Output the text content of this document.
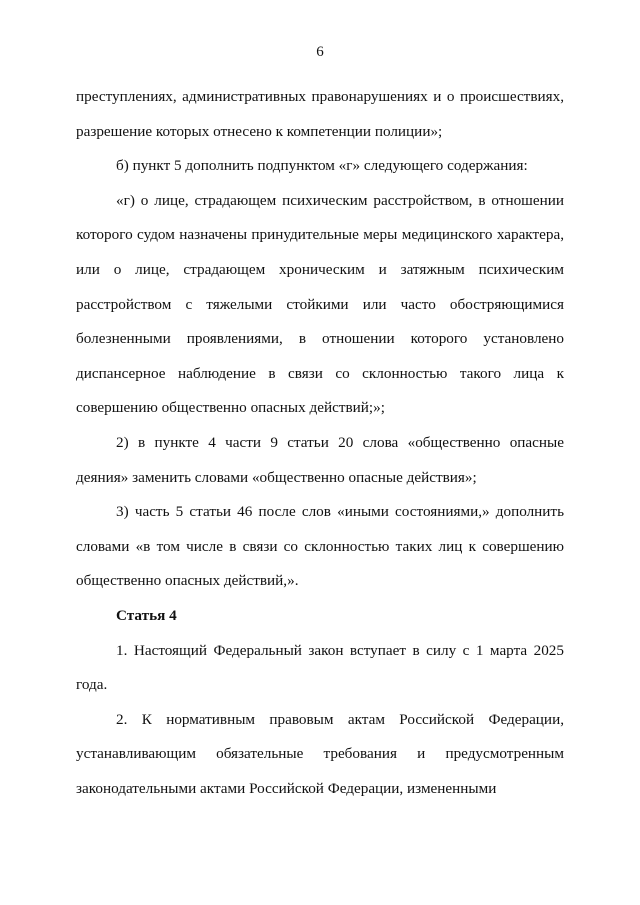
6

преступлениях, административных правонарушениях и о происшествиях, разрешение которых отнесено к компетенции полиции»;

б) пункт 5 дополнить подпунктом «г» следующего содержания:

«г) о лице, страдающем психическим расстройством, в отношении которого судом назначены принудительные меры медицинского характера, или о лице, страдающем хроническим и затяжным психическим расстройством с тяжелыми стойкими или часто обостряющимися болезненными проявлениями, в отношении которого установлено диспансерное наблюдение в связи со склонностью такого лица к совершению общественно опасных действий;»;

2) в пункте 4 части 9 статьи 20 слова «общественно опасные деяния» заменить словами «общественно опасные действия»;

3) часть 5 статьи 46 после слов «иными состояниями,» дополнить словами «в том числе в связи со склонностью таких лиц к совершению общественно опасных действий,».

Статья 4

1. Настоящий Федеральный закон вступает в силу с 1 марта 2025 года.

2. К нормативным правовым актам Российской Федерации, устанавливающим обязательные требования и предусмотренным законодательными актами Российской Федерации, измененными
